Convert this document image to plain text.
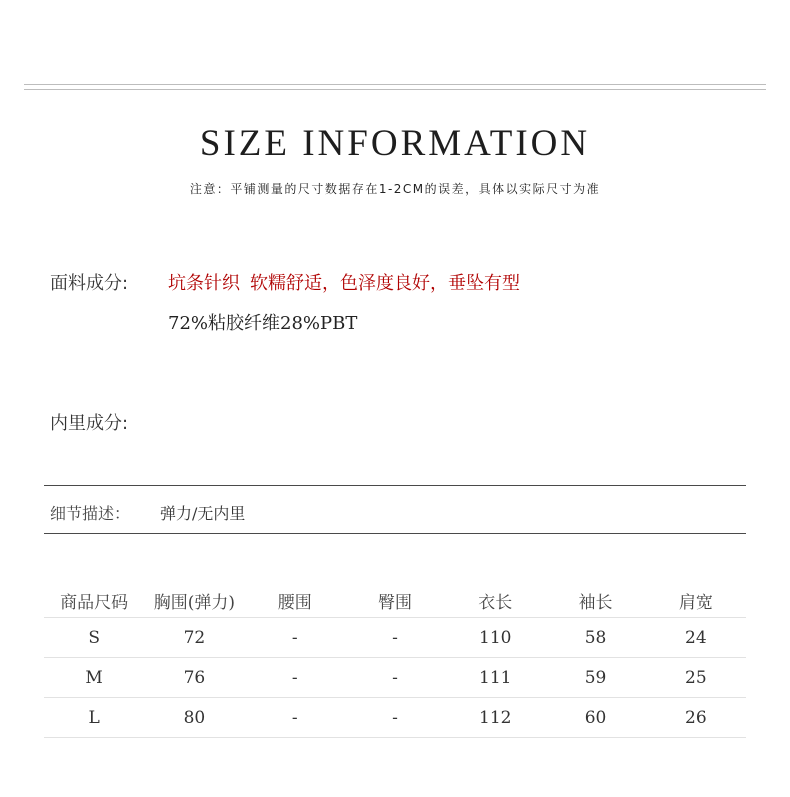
SIZE INFORMATION
注意：平铺测量的尺寸数据存在1-2CM的误差，具体以实际尺寸为准
面料成分: 坑条针织 软糯舒适，色泽度良好，垂坠有型
72%粘胶纤维28%PBT
内里成分:
细节描述： 弹力/无内里
商品尺码	胸围(弹力)	腰围	臀围	衣长	袖长	肩宽
S	72	-	-	110	58	24
M	76	-	-	111	59	25
L	80	-	-	112	60	26
